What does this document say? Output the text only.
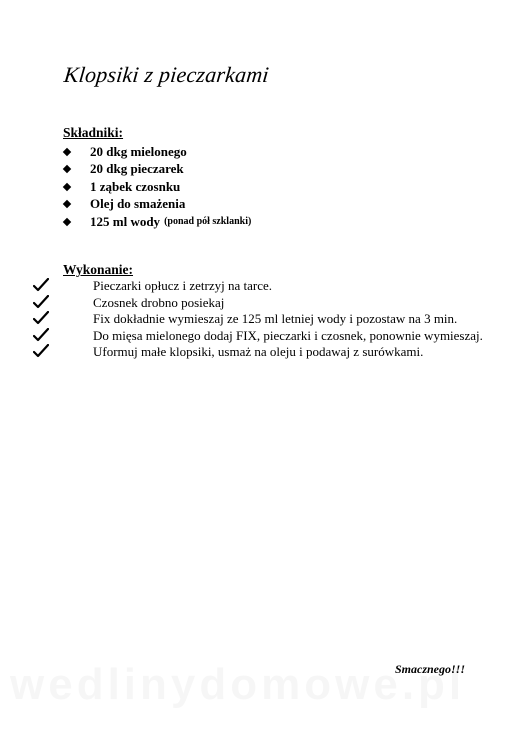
Klopsiki z pieczarkami
Składniki:
20 dkg mielonego
20 dkg pieczarek
1 ząbek czosnku
Olej do smażenia
125 ml wody (ponad pół szklanki)
Wykonanie:
Pieczarki opłucz i zetrzyj na tarce.
Czosnek drobno posiekaj
Fix dokładnie wymieszaj ze 125 ml letniej wody i pozostaw na 3 min.
Do mięsa mielonego dodaj FIX, pieczarki i czosnek, ponownie wymieszaj.
Uformuj małe klopsiki, usmaż na oleju i podawaj z surówkami.
Smacznego!!!
